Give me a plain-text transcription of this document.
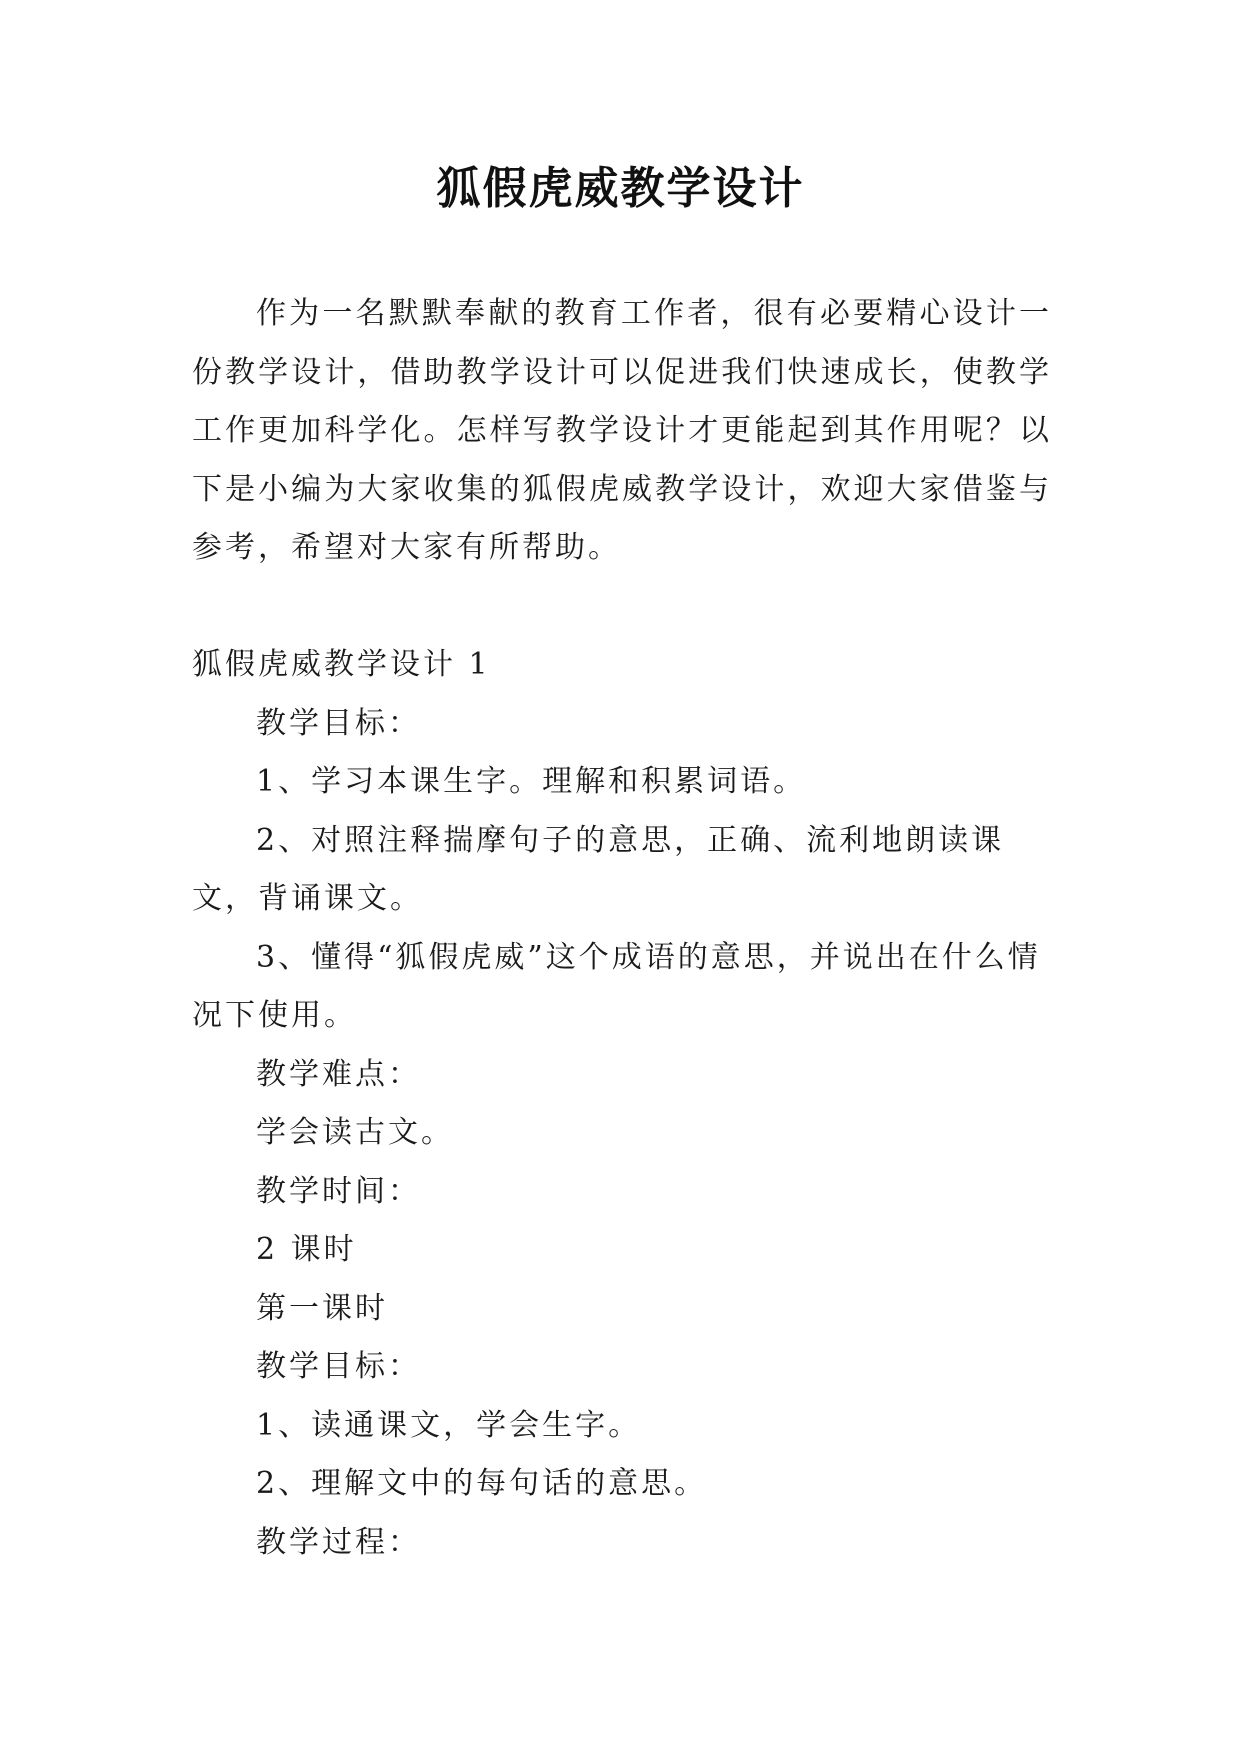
狐假虎威教学设计

作为一名默默奉献的教育工作者，很有必要精心设计一份教学设计，借助教学设计可以促进我们快速成长，使教学工作更加科学化。怎样写教学设计才更能起到其作用呢？以下是小编为大家收集的狐假虎威教学设计，欢迎大家借鉴与参考，希望对大家有所帮助。

狐假虎威教学设计 1

教学目标：

1、学习本课生字。理解和积累词语。

2、对照注释揣摩句子的意思，正确、流利地朗读课文，背诵课文。

3、懂得“狐假虎威”这个成语的意思，并说出在什么情况下使用。

教学难点：

学会读古文。

教学时间：

2 课时

第一课时

教学目标：

1、读通课文，学会生字。

2、理解文中的每句话的意思。

教学过程：
